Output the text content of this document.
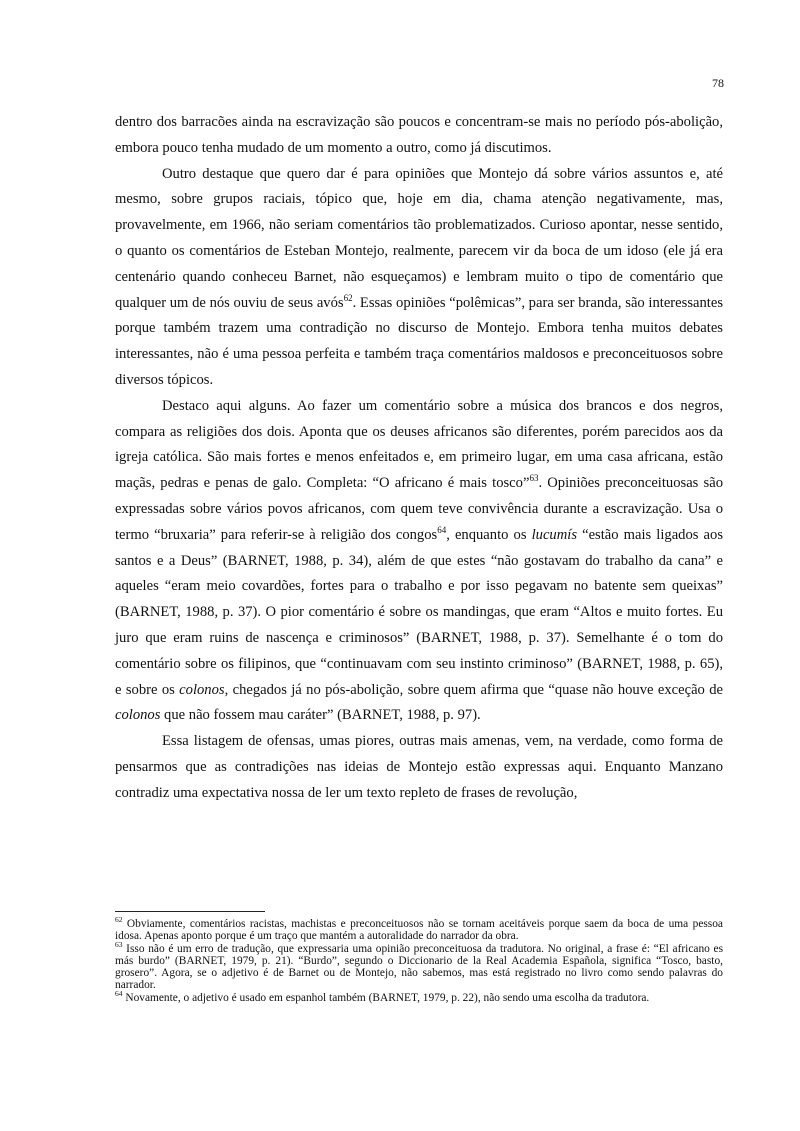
78

dentro dos barracões ainda na escravização são poucos e concentram-se mais no período pós-abolição, embora pouco tenha mudado de um momento a outro, como já discutimos.

Outro destaque que quero dar é para opiniões que Montejo dá sobre vários assuntos e, até mesmo, sobre grupos raciais, tópico que, hoje em dia, chama atenção negativamente, mas, provavelmente, em 1966, não seriam comentários tão problematizados. Curioso apontar, nesse sentido, o quanto os comentários de Esteban Montejo, realmente, parecem vir da boca de um idoso (ele já era centenário quando conheceu Barnet, não esqueçamos) e lembram muito o tipo de comentário que qualquer um de nós ouviu de seus avós$^{62}$. Essas opiniões “polêmicas”, para ser branda, são interessantes porque também trazem uma contradição no discurso de Montejo. Embora tenha muitos debates interessantes, não é uma pessoa perfeita e também traça comentários maldosos e preconceituosos sobre diversos tópicos.

Destaco aqui alguns. Ao fazer um comentário sobre a música dos brancos e dos negros, compara as religiões dos dois. Aponta que os deuses africanos são diferentes, porém parecidos aos da igreja católica. São mais fortes e menos enfeitados e, em primeiro lugar, em uma casa africana, estão maçãs, pedras e penas de galo. Completa: “O africano é mais tosco”$^{63}$. Opiniões preconceituosas são expressadas sobre vários povos africanos, com quem teve convivência durante a escravização. Usa o termo “bruxaria” para referir-se à religião dos congos$^{64}$, enquanto os lucumís “estão mais ligados aos santos e a Deus” (BARNET, 1988, p. 34), além de que estes “não gostavam do trabalho da cana” e aqueles “eram meio covardões, fortes para o trabalho e por isso pegavam no batente sem queixas” (BARNET, 1988, p. 37). O pior comentário é sobre os mandingas, que eram “Altos e muito fortes. Eu juro que eram ruins de nascença e criminosos” (BARNET, 1988, p. 37). Semelhante é o tom do comentário sobre os filipinos, que “continuavam com seu instinto criminoso” (BARNET, 1988, p. 65), e sobre os colonos, chegados já no pós-abolição, sobre quem afirma que “quase não houve exceção de colonos que não fossem mau caráter” (BARNET, 1988, p. 97).

Essa listagem de ofensas, umas piores, outras mais amenas, vem, na verdade, como forma de pensarmos que as contradições nas ideias de Montejo estão expressas aqui. Enquanto Manzano contradiz uma expectativa nossa de ler um texto repleto de frases de revolução,

$^{62}$ Obviamente, comentários racistas, machistas e preconceituosos não se tornam aceitáveis porque saem da boca de uma pessoa idosa. Apenas aponto porque é um traço que mantém a autoralidade do narrador da obra.

$^{63}$ Isso não é um erro de tradução, que expressaria uma opinião preconceituosa da tradutora. No original, a frase é: “El africano es más burdo” (BARNET, 1979, p. 21). “Burdo”, segundo o Diccionario de la Real Academia Española, significa “Tosco, basto, grosero”. Agora, se o adjetivo é de Barnet ou de Montejo, não sabemos, mas está registrado no livro como sendo palavras do narrador.

$^{64}$ Novamente, o adjetivo é usado em espanhol também (BARNET, 1979, p. 22), não sendo uma escolha da tradutora.
